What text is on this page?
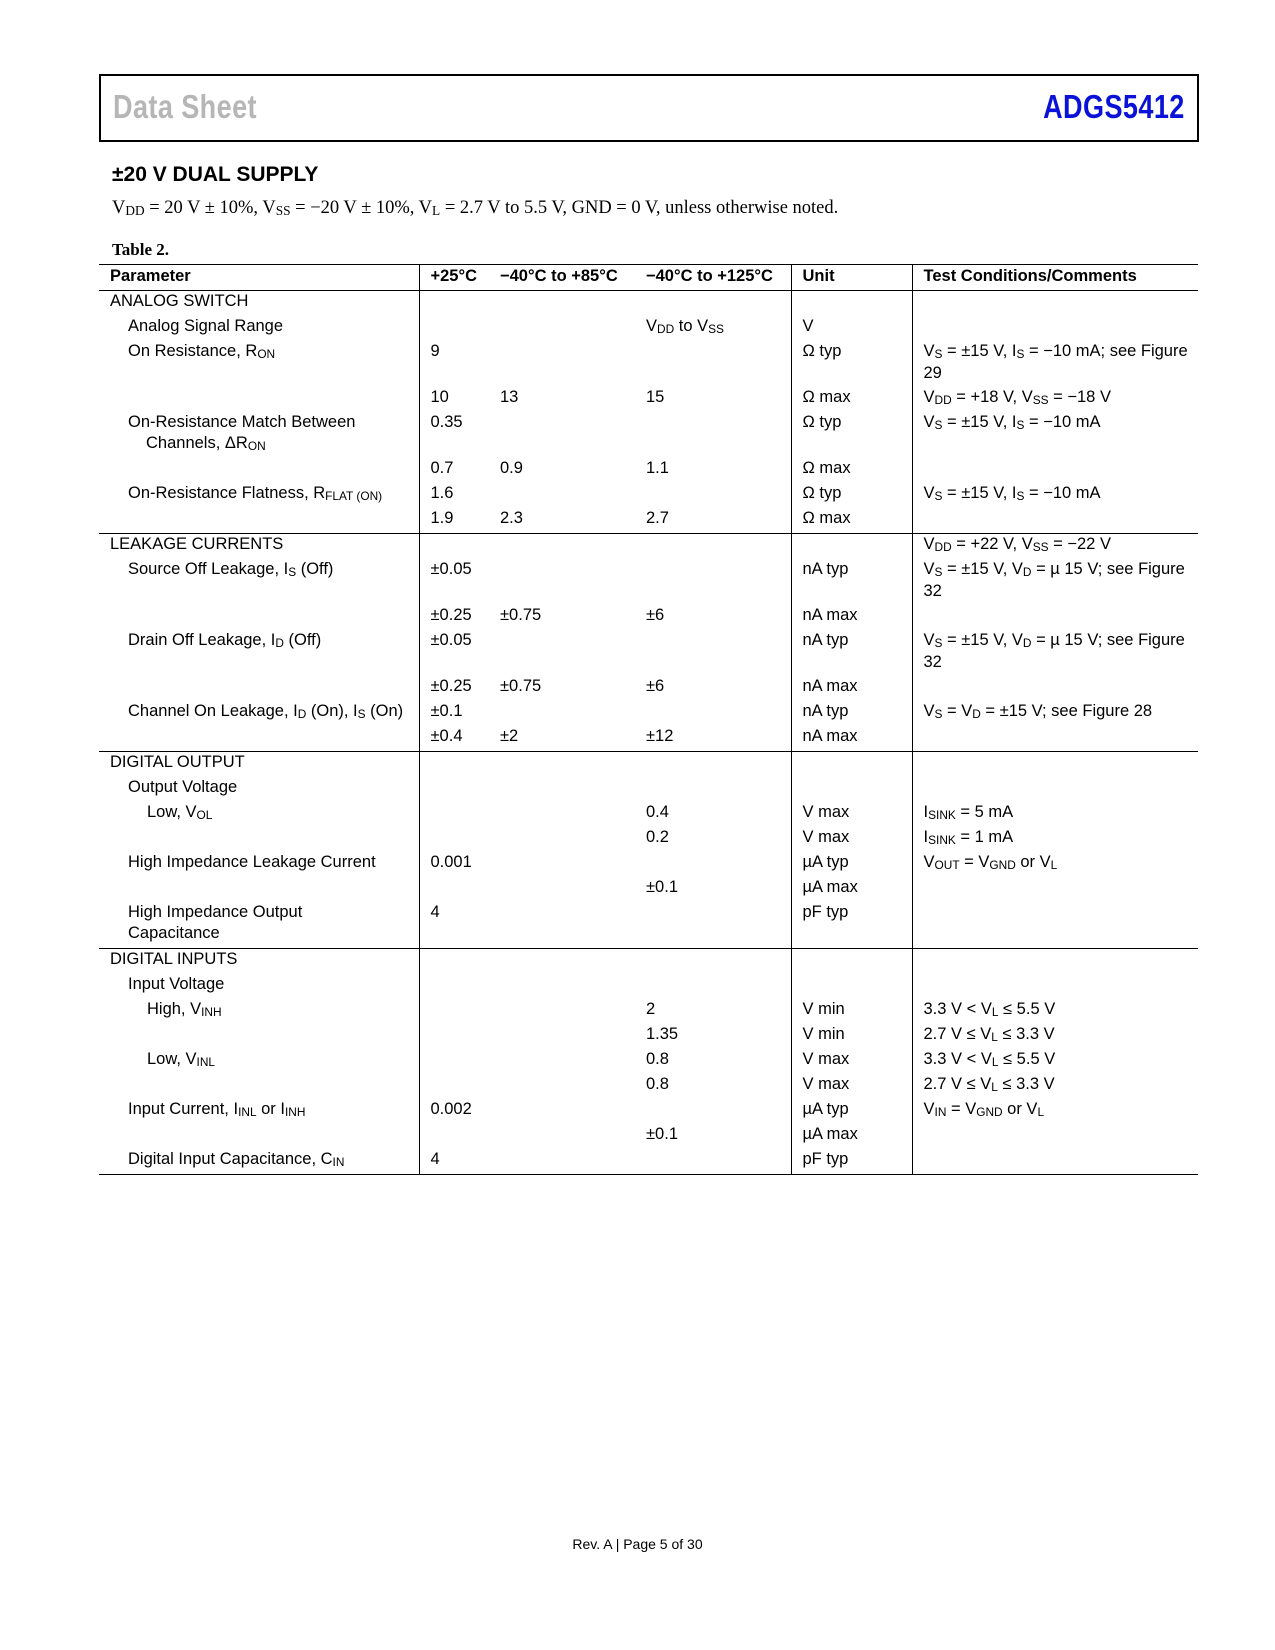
Data Sheet	ADGS5412
±20 V DUAL SUPPLY
VDD = 20 V ± 10%, VSS = −20 V ± 10%, VL = 2.7 V to 5.5 V, GND = 0 V, unless otherwise noted.
Table 2.
Parameter	+25°C	−40°C to +85°C	−40°C to +125°C	Unit	Test Conditions/Comments
ANALOG SWITCH					
Analog Signal Range			VDD to VSS	V	
On Resistance, RON	9			Ω typ	VS = ±15 V, IS = −10 mA; see Figure 29
	10	13	15	Ω max	VDD = +18 V, VSS = −18 V
On-Resistance Match Between
Channels, ΔRON	0.35			Ω typ	VS = ±15 V, IS = −10 mA
	0.7	0.9	1.1	Ω max	
On-Resistance Flatness, RFLAT (ON)	1.6			Ω typ	VS = ±15 V, IS = −10 mA
	1.9	2.3	2.7	Ω max	
LEAKAGE CURRENTS					VDD = +22 V, VSS = −22 V
Source Off Leakage, IS (Off)	±0.05			nA typ	VS = ±15 V, VD = µ 15 V; see Figure 32
	±0.25	±0.75	±6	nA max	
Drain Off Leakage, ID (Off)	±0.05			nA typ	VS = ±15 V, VD = µ 15 V; see Figure 32
	±0.25	±0.75	±6	nA max	
Channel On Leakage, ID (On), IS (On)	±0.1			nA typ	VS = VD = ±15 V; see Figure 28
	±0.4	±2	±12	nA max	
DIGITAL OUTPUT					
Output Voltage					
Low, VOL			0.4	V max	ISINK = 5 mA
			0.2	V max	ISINK = 1 mA
High Impedance Leakage Current	0.001			µA typ	VOUT = VGND or VL
			±0.1	µA max	
High Impedance Output
Capacitance	4			pF typ	
DIGITAL INPUTS					
Input Voltage					
High, VINH			2	V min	3.3 V < VL ≤ 5.5 V
			1.35	V min	2.7 V ≤ VL ≤ 3.3 V
Low, VINL			0.8	V max	3.3 V < VL ≤ 5.5 V
			0.8	V max	2.7 V ≤ VL ≤ 3.3 V
Input Current, IINL or IINH	0.002			µA typ	VIN = VGND or VL
			±0.1	µA max	
Digital Input Capacitance, CIN	4			pF typ	
Rev. A | Page 5 of 30
